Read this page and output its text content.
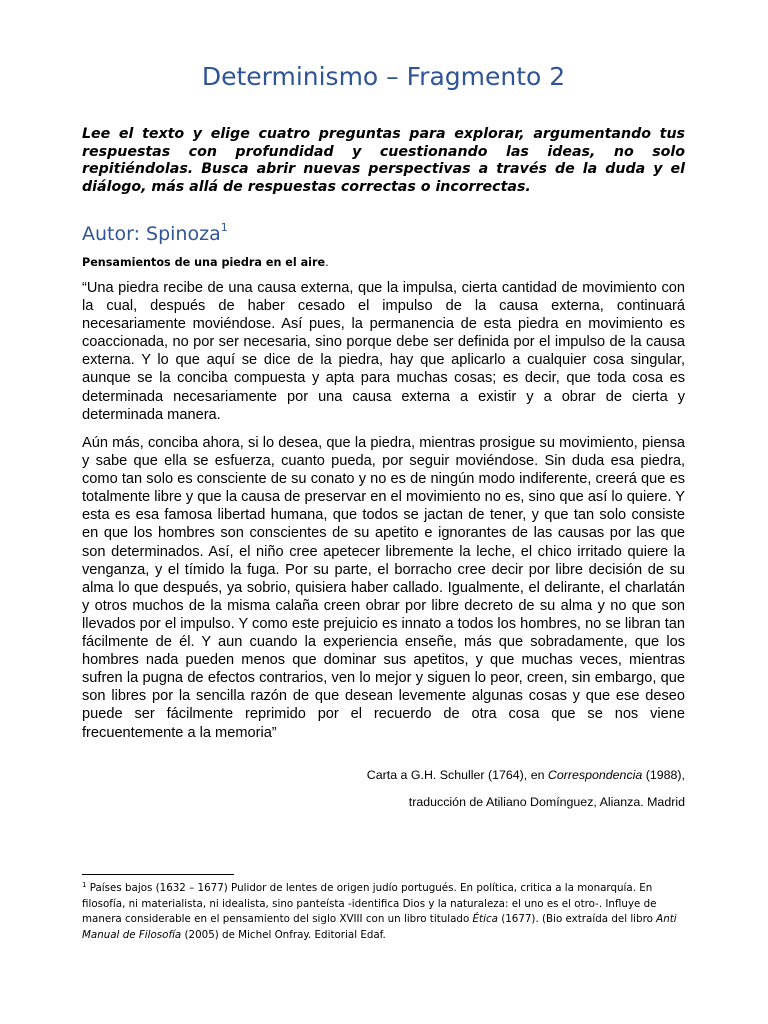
Determinismo – Fragmento 2

Lee el texto y elige cuatro preguntas para explorar, argumentando tus respuestas con profundidad y cuestionando las ideas, no solo repitiéndolas. Busca abrir nuevas perspectivas a través de la duda y el diálogo, más allá de respuestas correctas o incorrectas.

Autor: Spinoza$^1$

Pensamientos de una piedra en el aire.

“Una piedra recibe de una causa externa, que la impulsa, cierta cantidad de movimiento con la cual, después de haber cesado el impulso de la causa externa, continuará necesariamente moviéndose. Así pues, la permanencia de esta piedra en movimiento es coaccionada, no por ser necesaria, sino porque debe ser definida por el impulso de la causa externa. Y lo que aquí se dice de la piedra, hay que aplicarlo a cualquier cosa singular, aunque se la conciba compuesta y apta para muchas cosas; es decir, que toda cosa es determinada necesariamente por una causa externa a existir y a obrar de cierta y determinada manera.

Aún más, conciba ahora, si lo desea, que la piedra, mientras prosigue su movimiento, piensa y sabe que ella se esfuerza, cuanto pueda, por seguir moviéndose. Sin duda esa piedra, como tan solo es consciente de su conato y no es de ningún modo indiferente, creerá que es totalmente libre y que la causa de preservar en el movimiento no es, sino que así lo quiere. Y esta es esa famosa libertad humana, que todos se jactan de tener, y que tan solo consiste en que los hombres son conscientes de su apetito e ignorantes de las causas por las que son determinados. Así, el niño cree apetecer libremente la leche, el chico irritado quiere la venganza, y el tímido la fuga. Por su parte, el borracho cree decir por libre decisión de su alma lo que después, ya sobrio, quisiera haber callado. Igualmente, el delirante, el charlatán y otros muchos de la misma calaña creen obrar por libre decreto de su alma y no que son llevados por el impulso. Y como este prejuicio es innato a todos los hombres, no se libran tan fácilmente de él. Y aun cuando la experiencia enseñe, más que sobradamente, que los hombres nada pueden menos que dominar sus apetitos, y que muchas veces, mientras sufren la pugna de efectos contrarios, ven lo mejor y siguen lo peor, creen, sin embargo, que son libres por la sencilla razón de que desean levemente algunas cosas y que ese deseo puede ser fácilmente reprimido por el recuerdo de otra cosa que se nos viene frecuentemente a la memoria”

Carta a G.H. Schuller (1764), en Correspondencia (1988),

traducción de Atiliano Domínguez, Alianza. Madrid

$^1$ Países bajos (1632 – 1677) Pulidor de lentes de origen judío portugués. En política, critica a la monarquía. En filosofía, ni materialista, ni idealista, sino panteísta -identifica Dios y la naturaleza: el uno es el otro-. Influye de manera considerable en el pensamiento del siglo XVIII con un libro titulado Ética (1677). (Bio extraída del libro Anti Manual de Filosofía (2005) de Michel Onfray. Editorial Edaf.
